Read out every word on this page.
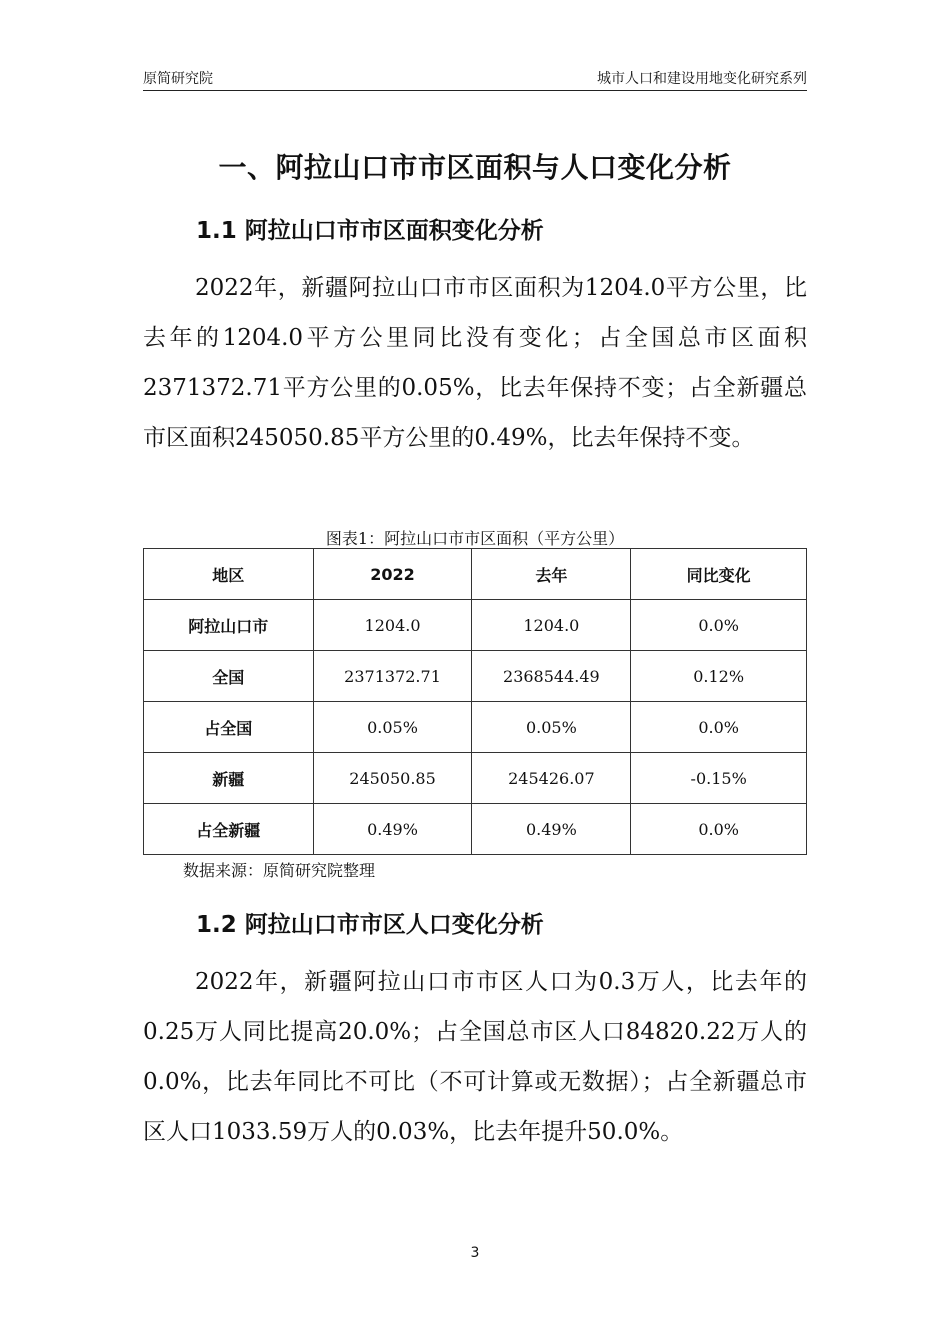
原简研究院	城市人口和建设用地变化研究系列
一、阿拉山口市市区面积与人口变化分析
1.1 阿拉山口市市区面积变化分析
2022年，新疆阿拉山口市市区面积为1204.0平方公里，比去年的1204.0平方公里同比没有变化；占全国总市区面积2371372.71平方公里的0.05%，比去年保持不变；占全新疆总市区面积245050.85平方公里的0.49%，比去年保持不变。
图表1：阿拉山口市市区面积（平方公里）
地区	2022	去年	同比变化
阿拉山口市	1204.0	1204.0	0.0%
全国	2371372.71	2368544.49	0.12%
占全国	0.05%	0.05%	0.0%
新疆	245050.85	245426.07	-0.15%
占全新疆	0.49%	0.49%	0.0%
数据来源：原简研究院整理
1.2 阿拉山口市市区人口变化分析
2022年，新疆阿拉山口市市区人口为0.3万人，比去年的0.25万人同比提高20.0%；占全国总市区人口84820.22万人的0.0%，比去年同比不可比（不可计算或无数据）；占全新疆总市区人口1033.59万人的0.03%，比去年提升50.0%。
3
